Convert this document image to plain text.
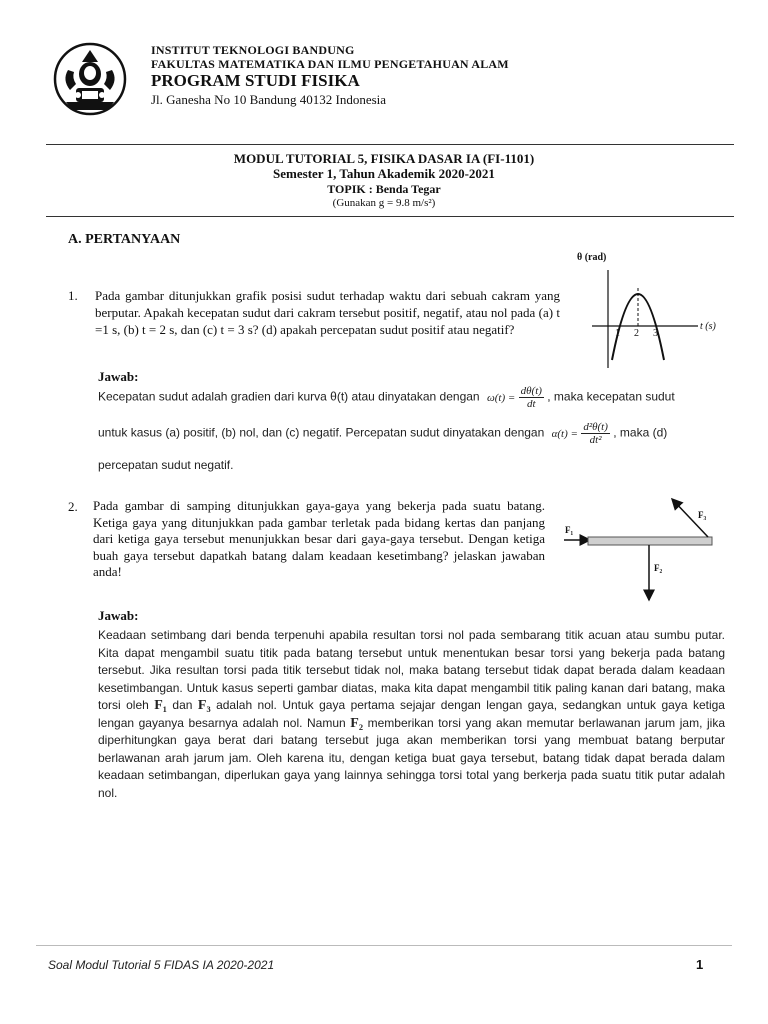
INSTITUT TEKNOLOGI BANDUNG
FAKULTAS MATEMATIKA DAN ILMU PENGETAHUAN ALAM
PROGRAM STUDI FISIKA
Jl. Ganesha No 10 Bandung 40132 Indonesia
MODUL TUTORIAL 5, FISIKA DASAR IA (FI-1101)
Semester 1, Tahun Akademik 2020-2021
TOPIK : Benda Tegar
(Gunakan g = 9.8 m/s²)
A. PERTANYAAN
1. Pada gambar ditunjukkan grafik posisi sudut terhadap waktu dari sebuah cakram yang berputar. Apakah kecepatan sudut dari cakram tersebut positif, negatif, atau nol pada (a) t =1 s, (b) t = 2 s, dan (c) t = 3 s? (d) apakah percepatan sudut positif atau negatif?
θ (rad)
t (s)
1 2 3
Jawab:
Kecepatan sudut adalah gradien dari kurva θ(t) atau dinyatakan dengan $\omega(t) = \frac{d\theta(t)}{dt}$ , maka kecepatan sudut
untuk kasus (a) positif, (b) nol, dan (c) negatif. Percepatan sudut dinyatakan dengan $\alpha(t) = \frac{\text{d²θ(t)}}{\text{dt²}}$ , maka (d)
percepatan sudut negatif.
2. Pada gambar di samping ditunjukkan gaya-gaya yang bekerja pada suatu batang. Ketiga gaya yang ditunjukkan pada gambar terletak pada bidang kertas dan panjang dari ketiga gaya tersebut menunjukkan besar dari gaya-gaya tersebut. Dengan ketiga buah gaya tersebut dapatkah batang dalam keadaan kesetimbang? jelaskan jawaban anda!
F₁
F₂
F₃
Jawab:
Keadaan setimbang dari benda terpenuhi apabila resultan torsi nol pada sembarang titik acuan atau sumbu putar. Kita dapat mengambil suatu titik pada batang tersebut untuk menentukan besar torsi yang bekerja pada batang tersebut. Jika resultan torsi pada titik tersebut tidak nol, maka batang tersebut tidak dapat berada dalam keadaan kesetimbangan. Untuk kasus seperti gambar diatas, maka kita dapat mengambil titik paling kanan dari batang, maka torsi oleh F₁ dan F₃ adalah nol. Untuk gaya pertama sejajar dengan lengan gaya, sedangkan untuk gaya ketiga lengan gayanya besarnya adalah nol. Namun F₂ memberikan torsi yang akan memutar berlawanan jarum jam, jika diperhitungkan gaya berat dari batang tersebut juga akan memberikan torsi yang membuat batang berputar berlawanan arah jarum jam. Oleh karena itu, dengan ketiga buat gaya tersebut, batang tidak dapat berada dalam keadaan setimbangan, diperlukan gaya yang lainnya sehingga torsi total yang berkerja pada suatu titik putar adalah nol.
Soal Modul Tutorial 5 FIDAS IA 2020-2021	1
